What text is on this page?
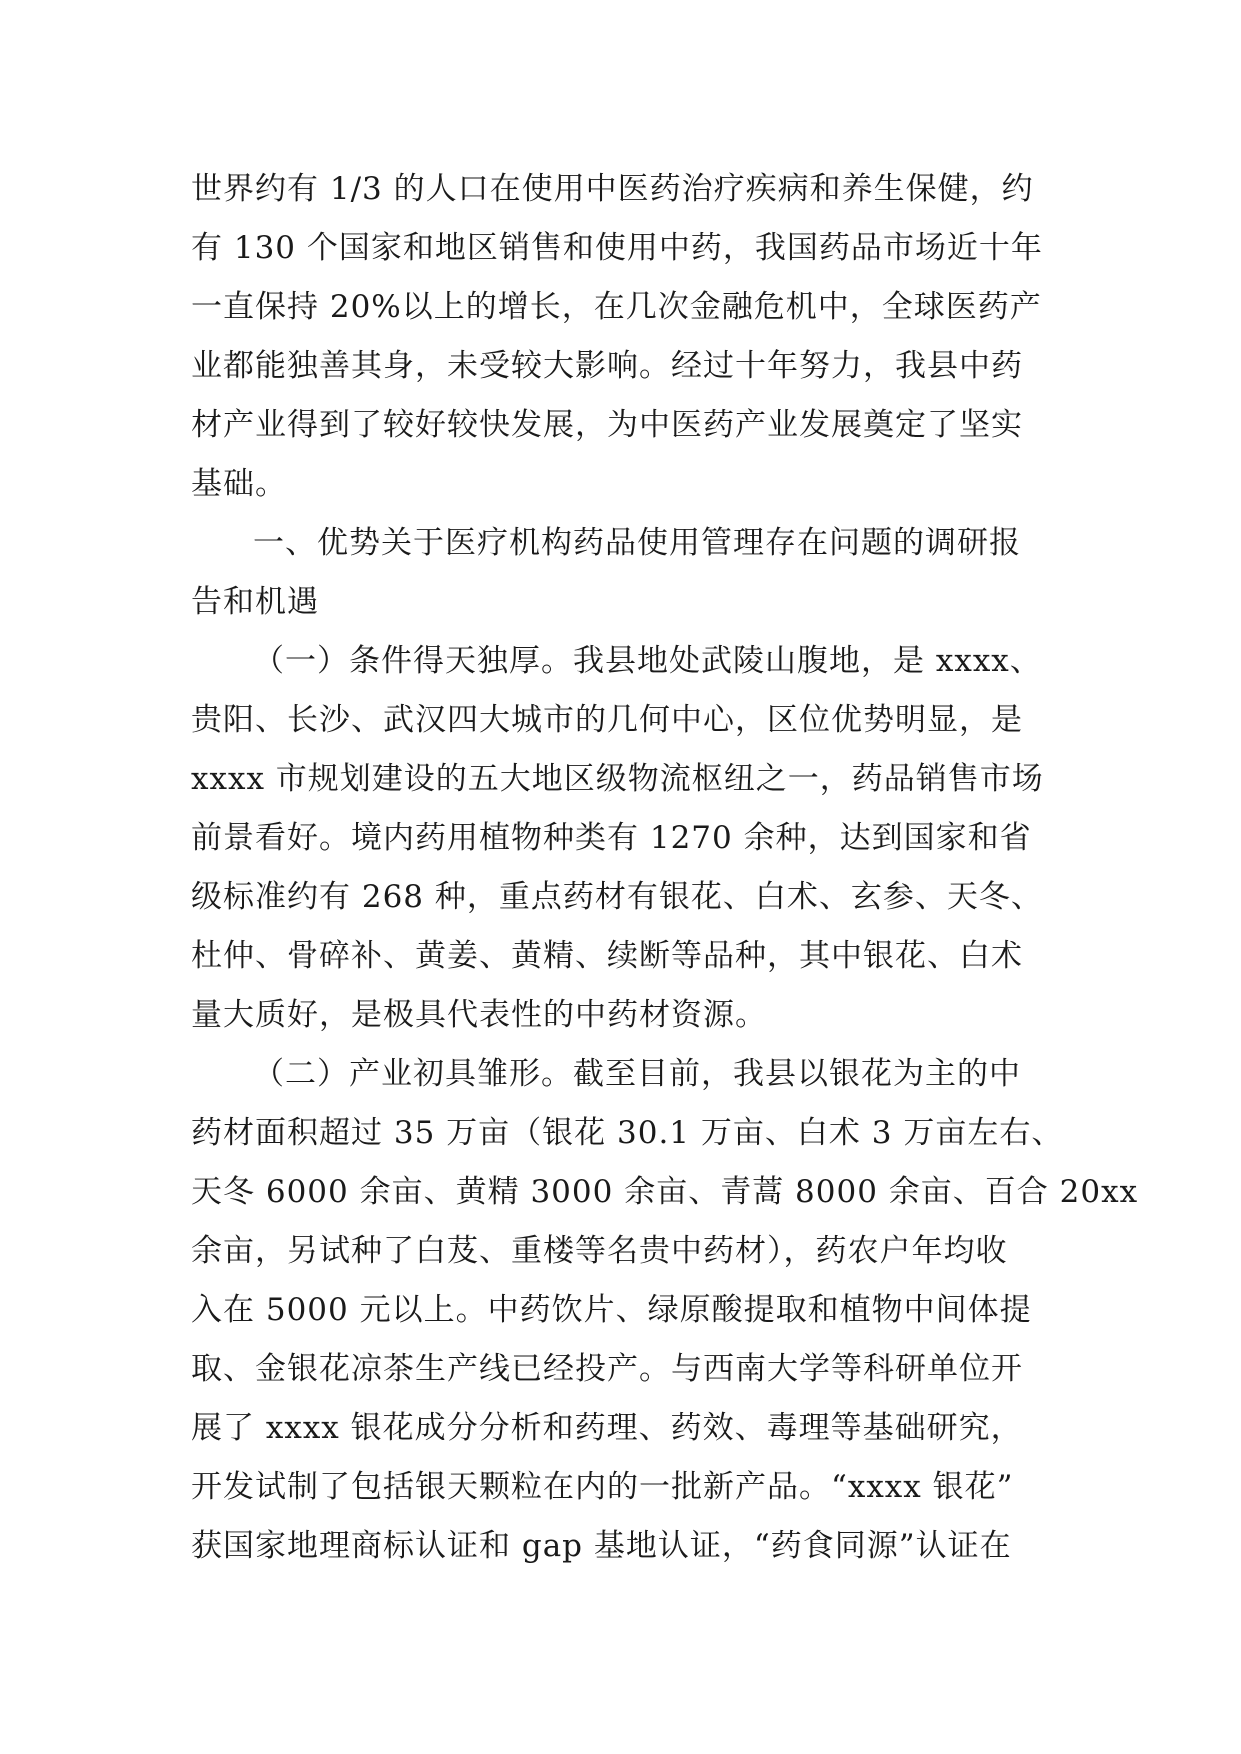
世界约有 1/3 的人口在使用中医药治疗疾病和养生保健，约
有 130 个国家和地区销售和使用中药，我国药品市场近十年
一直保持 20%以上的增长，在几次金融危机中，全球医药产
业都能独善其身，未受较大影响。经过十年努力，我县中药
材产业得到了较好较快发展，为中医药产业发展奠定了坚实
基础。
一、优势关于医疗机构药品使用管理存在问题的调研报
告和机遇
（一）条件得天独厚。我县地处武陵山腹地，是 xxxx、
贵阳、长沙、武汉四大城市的几何中心，区位优势明显，是
xxxx 市规划建设的五大地区级物流枢纽之一，药品销售市场
前景看好。境内药用植物种类有 1270 余种，达到国家和省
级标准约有 268 种，重点药材有银花、白术、玄参、天冬、
杜仲、骨碎补、黄姜、黄精、续断等品种，其中银花、白术
量大质好，是极具代表性的中药材资源。
（二）产业初具雏形。截至目前，我县以银花为主的中
药材面积超过 35 万亩（银花 30.1 万亩、白术 3 万亩左右、
天冬 6000 余亩、黄精 3000 余亩、青蒿 8000 余亩、百合 20xx
余亩，另试种了白芨、重楼等名贵中药材），药农户年均收
入在 5000 元以上。中药饮片、绿原酸提取和植物中间体提
取、金银花凉茶生产线已经投产。与西南大学等科研单位开
展了 xxxx 银花成分分析和药理、药效、毒理等基础研究，
开发试制了包括银天颗粒在内的一批新产品。“xxxx 银花”
获国家地理商标认证和 gap 基地认证，“药食同源”认证在
